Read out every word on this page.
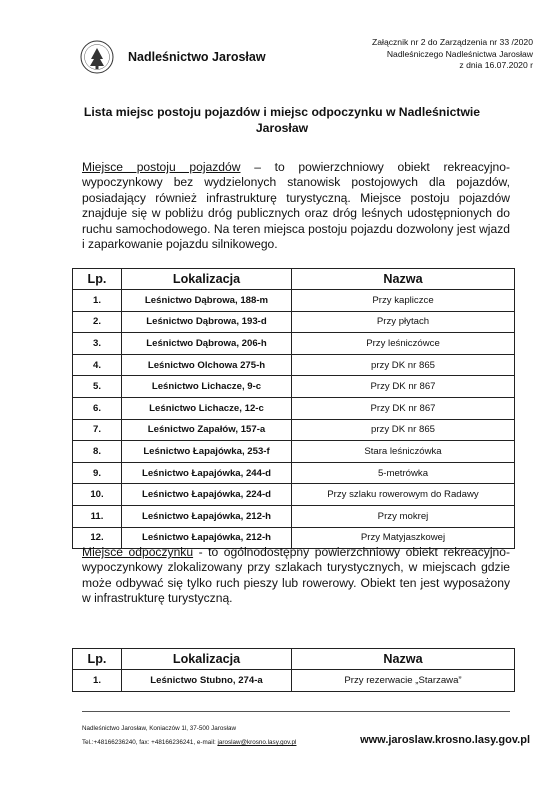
Nadleśnictwo Jarosław
Załącznik nr 2 do Zarządzenia nr 33 /2020
Nadleśniczego Nadleśnictwa Jarosław
z dnia 16.07.2020 r
Lista miejsc postoju pojazdów i miejsc odpoczynku w Nadleśnictwie
Jarosław
Miejsce postoju pojazdów – to powierzchniowy obiekt rekreacyjno-wypoczynkowy bez wydzielonych stanowisk postojowych dla pojazdów, posiadający również infrastrukturę turystyczną. Miejsce postoju pojazdów znajduje się w pobliżu dróg publicznych oraz dróg leśnych udostępnionych do ruchu samochodowego. Na teren miejsca postoju pojazdu dozwolony jest wjazd i zaparkowanie pojazdu silnikowego.
Lp.	Lokalizacja	Nazwa
1.	Leśnictwo Dąbrowa, 188-m	Przy kapliczce
2.	Leśnictwo Dąbrowa, 193-d	Przy płytach
3.	Leśnictwo Dąbrowa, 206-h	Przy leśniczówce
4.	Leśnictwo Olchowa 275-h	przy DK nr 865
5.	Leśnictwo Lichacze, 9-c	Przy DK nr 867
6.	Leśnictwo Lichacze, 12-c	Przy DK nr 867
7.	Leśnictwo Zapałów, 157-a	przy DK nr 865
8.	Leśnictwo Łapajówka, 253-f	Stara leśniczówka
9.	Leśnictwo Łapajówka, 244-d	5-metrówka
10.	Leśnictwo Łapajówka, 224-d	Przy szlaku rowerowym do Radawy
11.	Leśnictwo Łapajówka, 212-h	Przy mokrej
12.	Leśnictwo Łapajówka, 212-h	Przy Matyjaszkowej
Miejsce odpoczynku - to ogólnodostępny powierzchniowy obiekt rekreacyjno-wypoczynkowy zlokalizowany przy szlakach turystycznych, w miejscach gdzie może odbywać się tylko ruch pieszy lub rowerowy. Obiekt ten jest wyposażony w infrastrukturę turystyczną.
Lp.	Lokalizacja	Nazwa
1.	Leśnictwo Stubno, 274-a	Przy rezerwacie „Starzawa”
Nadleśnictwo Jarosław, Koniaczów 1l, 37-500 Jarosław
Tel.:+48166236240, fax: +48166236241, e-mail: jaroslaw@krosno.lasy.gov.pl	www.jaroslaw.krosno.lasy.gov.pl
